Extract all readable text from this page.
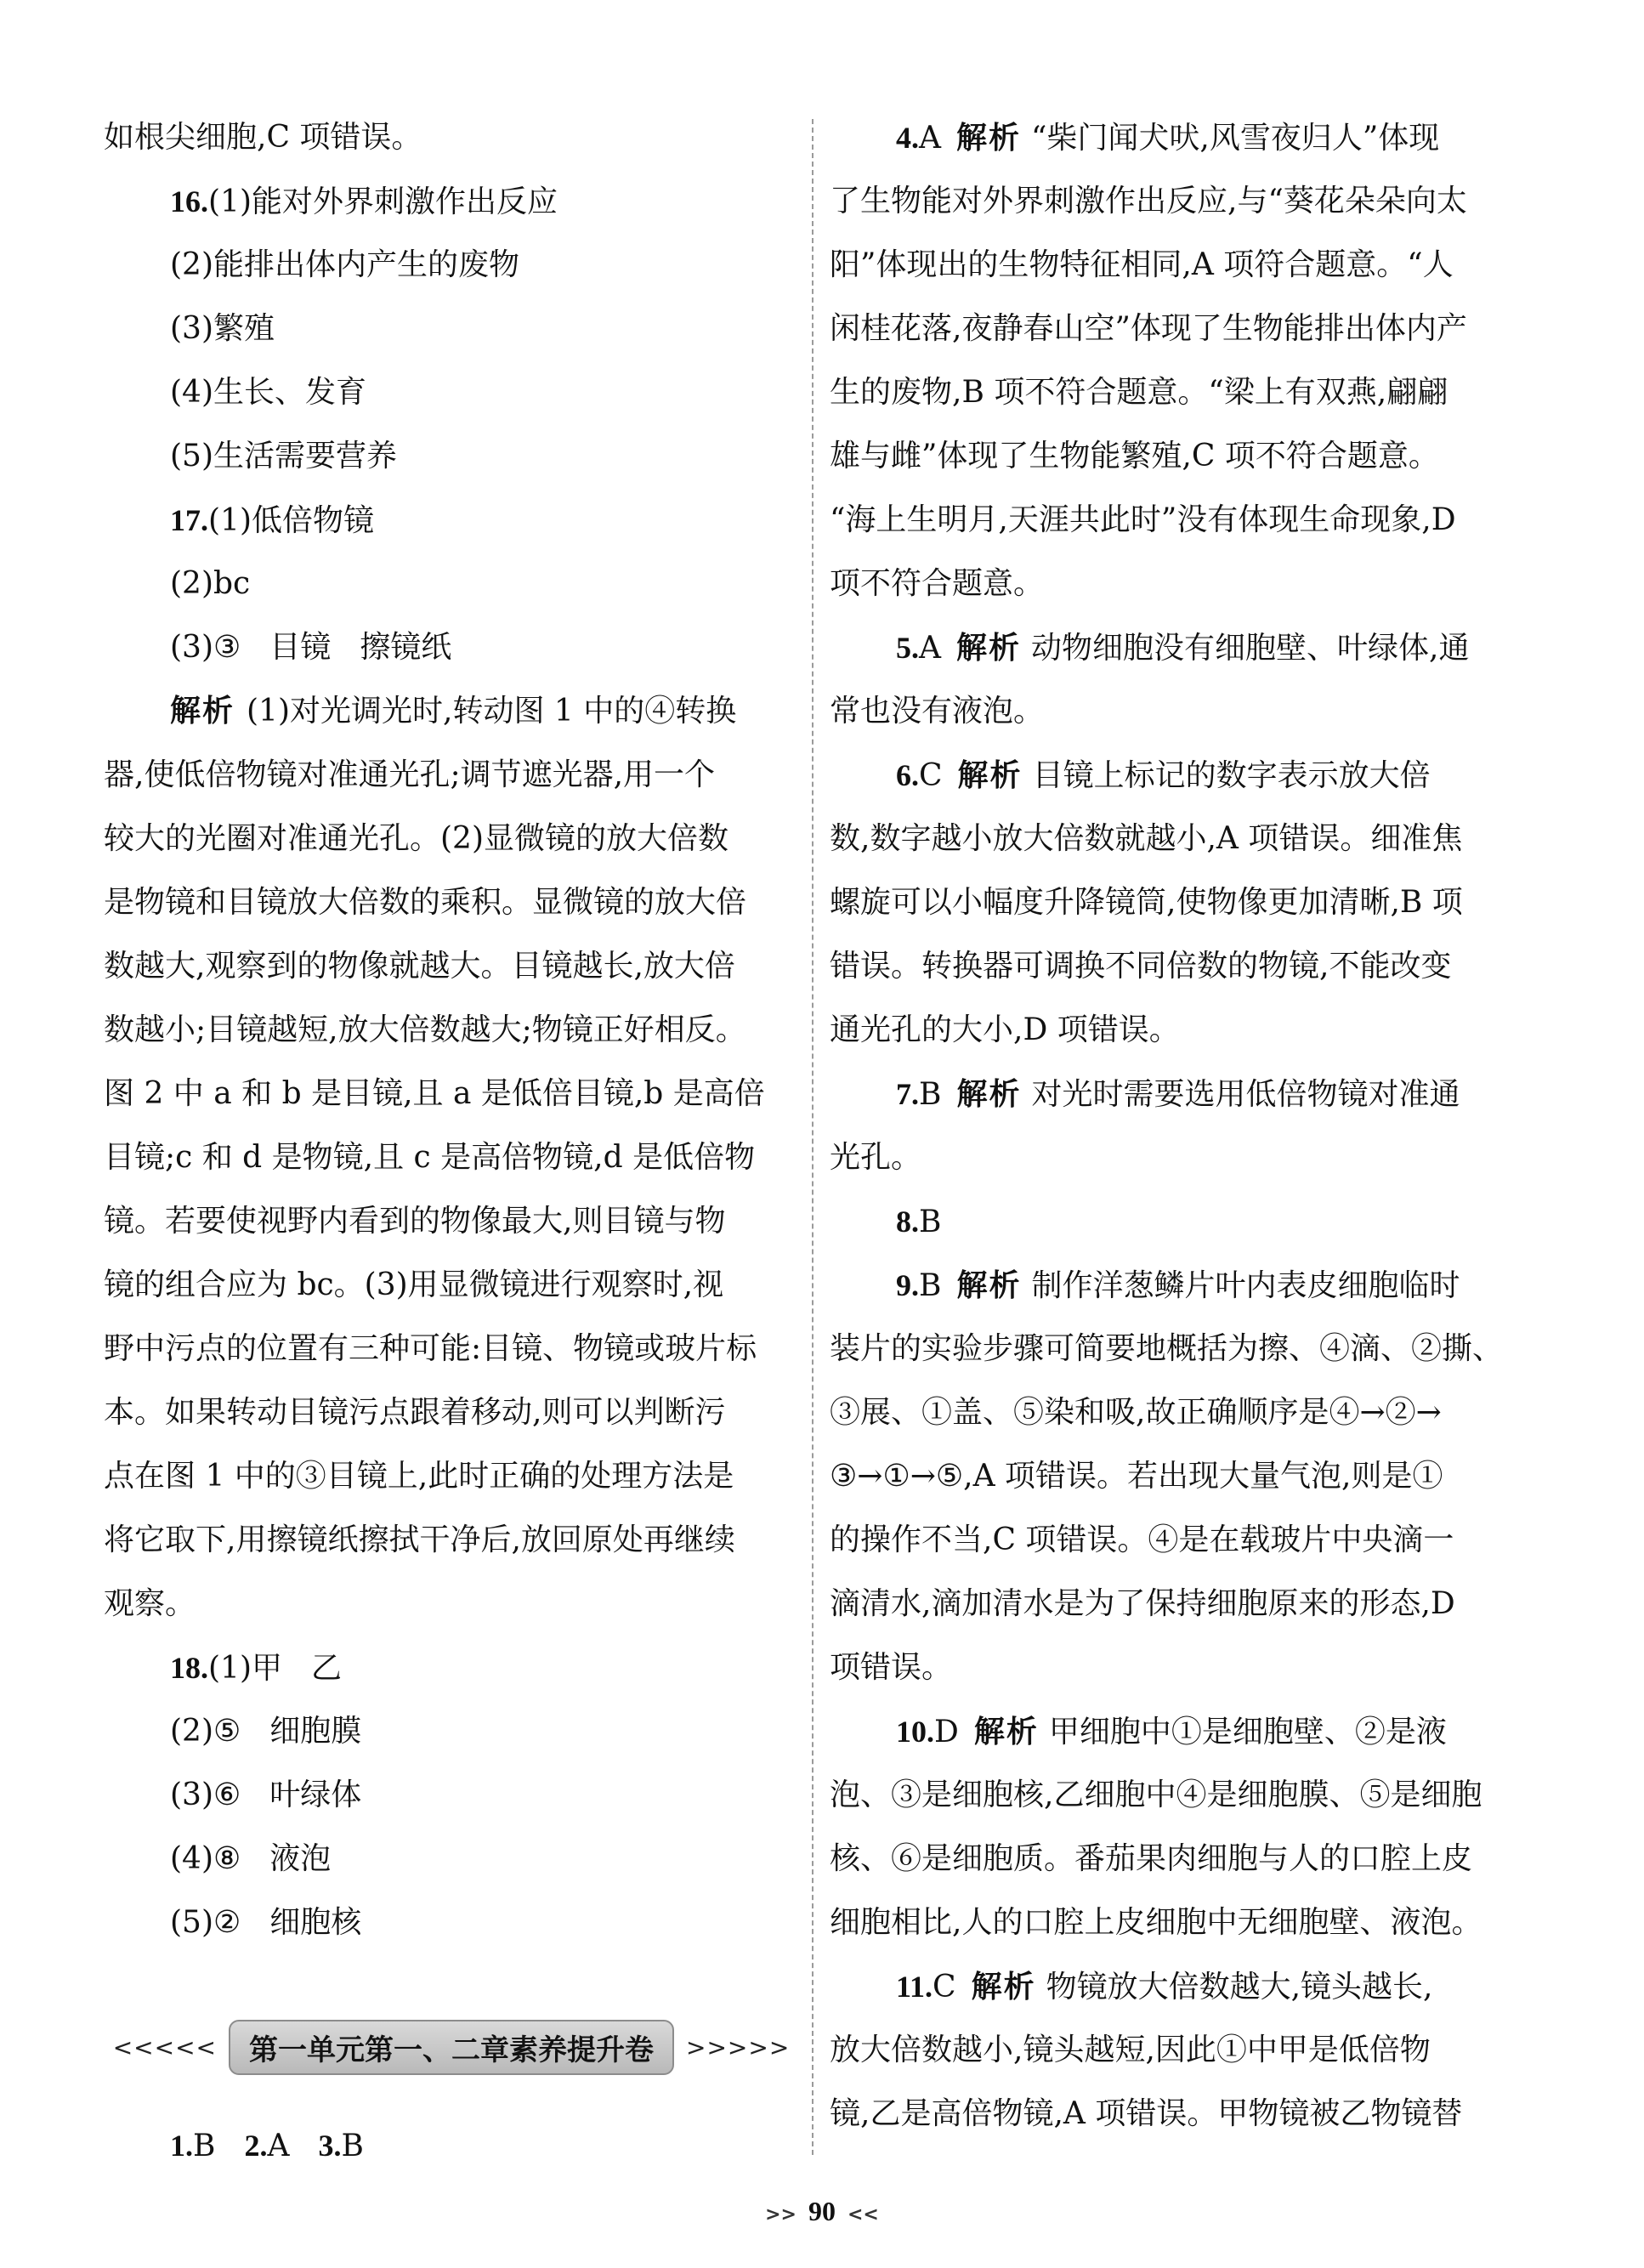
如根尖细胞,C 项错误。
16.(1)能对外界刺激作出反应
(2)能排出体内产生的废物
(3)繁殖
(4)生长、发育
(5)生活需要营养
17.(1)低倍物镜
(2)bc
(3)③ 目镜 擦镜纸
解析 (1)对光调光时,转动图 1 中的④转换
器,使低倍物镜对准通光孔;调节遮光器,用一个
较大的光圈对准通光孔。(2)显微镜的放大倍数
是物镜和目镜放大倍数的乘积。显微镜的放大倍
数越大,观察到的物像就越大。目镜越长,放大倍
数越小;目镜越短,放大倍数越大;物镜正好相反。
图 2 中 a 和 b 是目镜,且 a 是低倍目镜,b 是高倍
目镜;c 和 d 是物镜,且 c 是高倍物镜,d 是低倍物
镜。若要使视野内看到的物像最大,则目镜与物
镜的组合应为 bc。(3)用显微镜进行观察时,视
野中污点的位置有三种可能:目镜、物镜或玻片标
本。如果转动目镜污点跟着移动,则可以判断污
点在图 1 中的③目镜上,此时正确的处理方法是
将它取下,用擦镜纸擦拭干净后,放回原处再继续
观察。
18.(1)甲 乙
(2)⑤ 细胞膜
(3)⑥ 叶绿体
(4)⑧ 液泡
(5)② 细胞核
<<<<<	第一单元第一、二章素养提升卷	>>>>>
1.B 2.A 3.B
4.A 解析 “柴门闻犬吠,风雪夜归人”体现
了生物能对外界刺激作出反应,与“葵花朵朵向太
阳”体现出的生物特征相同,A 项符合题意。“人
闲桂花落,夜静春山空”体现了生物能排出体内产
生的废物,B 项不符合题意。“梁上有双燕,翩翩
雄与雌”体现了生物能繁殖,C 项不符合题意。
“海上生明月,天涯共此时”没有体现生命现象,D
项不符合题意。
5.A 解析 动物细胞没有细胞壁、叶绿体,通
常也没有液泡。
6.C 解析 目镜上标记的数字表示放大倍
数,数字越小放大倍数就越小,A 项错误。细准焦
螺旋可以小幅度升降镜筒,使物像更加清晰,B 项
错误。转换器可调换不同倍数的物镜,不能改变
通光孔的大小,D 项错误。
7.B 解析 对光时需要选用低倍物镜对准通
光孔。
8.B
9.B 解析 制作洋葱鳞片叶内表皮细胞临时
装片的实验步骤可简要地概括为擦、④滴、②撕、
③展、①盖、⑤染和吸,故正确顺序是④→②→
③→①→⑤,A 项错误。若出现大量气泡,则是①
的操作不当,C 项错误。④是在载玻片中央滴一
滴清水,滴加清水是为了保持细胞原来的形态,D
项错误。
10.D 解析 甲细胞中①是细胞壁、②是液
泡、③是细胞核,乙细胞中④是细胞膜、⑤是细胞
核、⑥是细胞质。番茄果肉细胞与人的口腔上皮
细胞相比,人的口腔上皮细胞中无细胞壁、液泡。
11.C 解析 物镜放大倍数越大,镜头越长,
放大倍数越小,镜头越短,因此①中甲是低倍物
镜,乙是高倍物镜,A 项错误。甲物镜被乙物镜替
>> 90 <<
